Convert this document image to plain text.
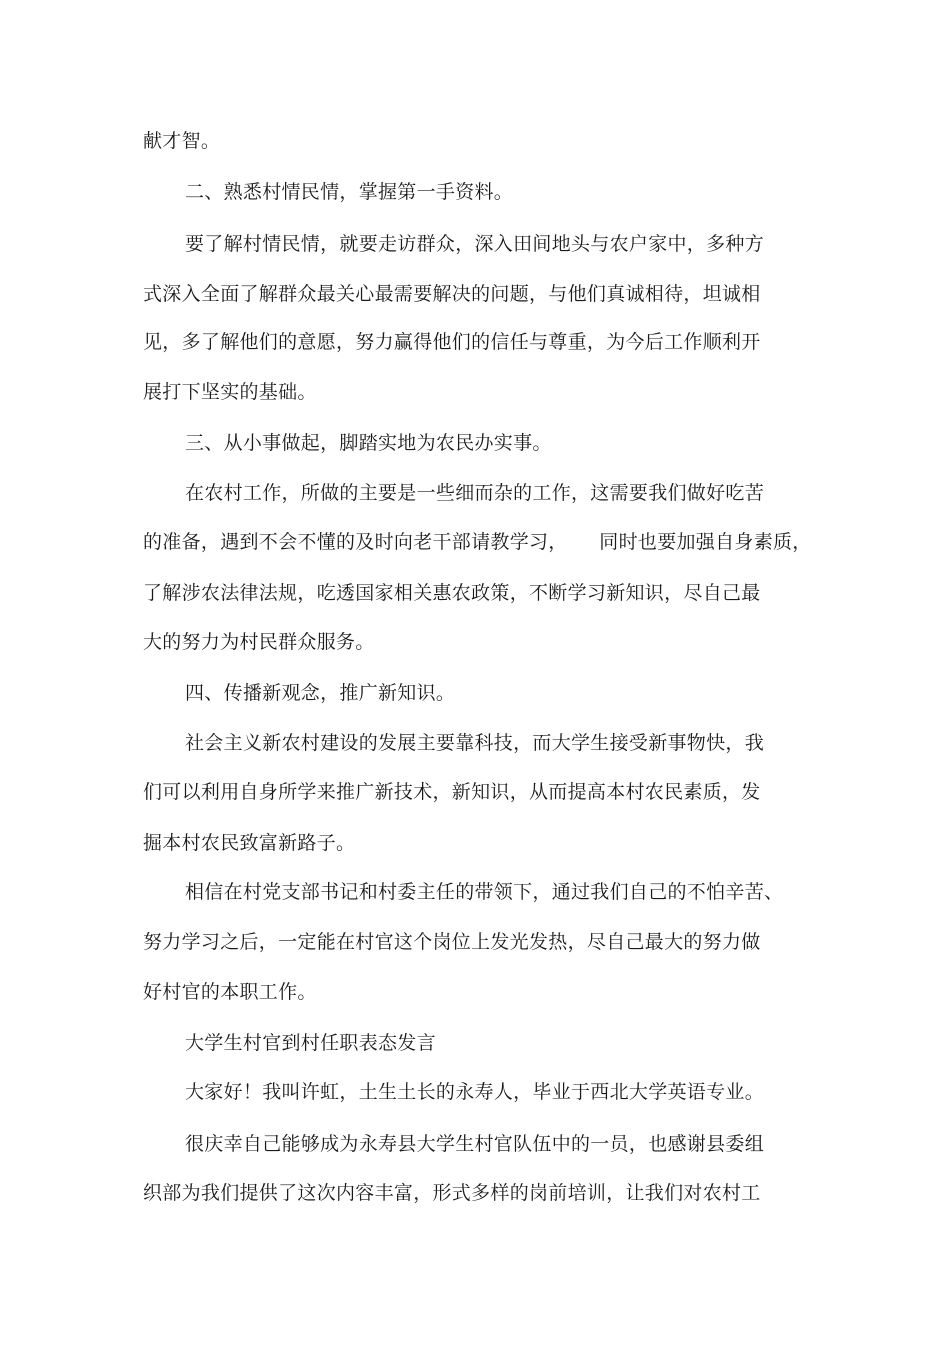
献才智。
二、熟悉村情民情，掌握第一手资料。
要了解村情民情，就要走访群众，深入田间地头与农户家中，多种方
式深入全面了解群众最关心最需要解决的问题，与他们真诚相待，坦诚相
见，多了解他们的意愿，努力赢得他们的信任与尊重，为今后工作顺利开
展打下坚实的基础。
三、从小事做起，脚踏实地为农民办实事。
在农村工作，所做的主要是一些细而杂的工作，这需要我们做好吃苦
的准备，遇到不会不懂的及时向老干部请教学习，     同时也要加强自身素质，
了解涉农法律法规，吃透国家相关惠农政策，不断学习新知识，尽自己最
大的努力为村民群众服务。
四、传播新观念，推广新知识。
社会主义新农村建设的发展主要靠科技，而大学生接受新事物快，我
们可以利用自身所学来推广新技术，新知识，从而提高本村农民素质，发
掘本村农民致富新路子。
相信在村党支部书记和村委主任的带领下，通过我们自己的不怕辛苦、
努力学习之后，一定能在村官这个岗位上发光发热，尽自己最大的努力做
好村官的本职工作。
大学生村官到村任职表态发言
大家好！我叫许虹，土生土长的永寿人，毕业于西北大学英语专业。
很庆幸自己能够成为永寿县大学生村官队伍中的一员，也感谢县委组
织部为我们提供了这次内容丰富，形式多样的岗前培训，让我们对农村工
